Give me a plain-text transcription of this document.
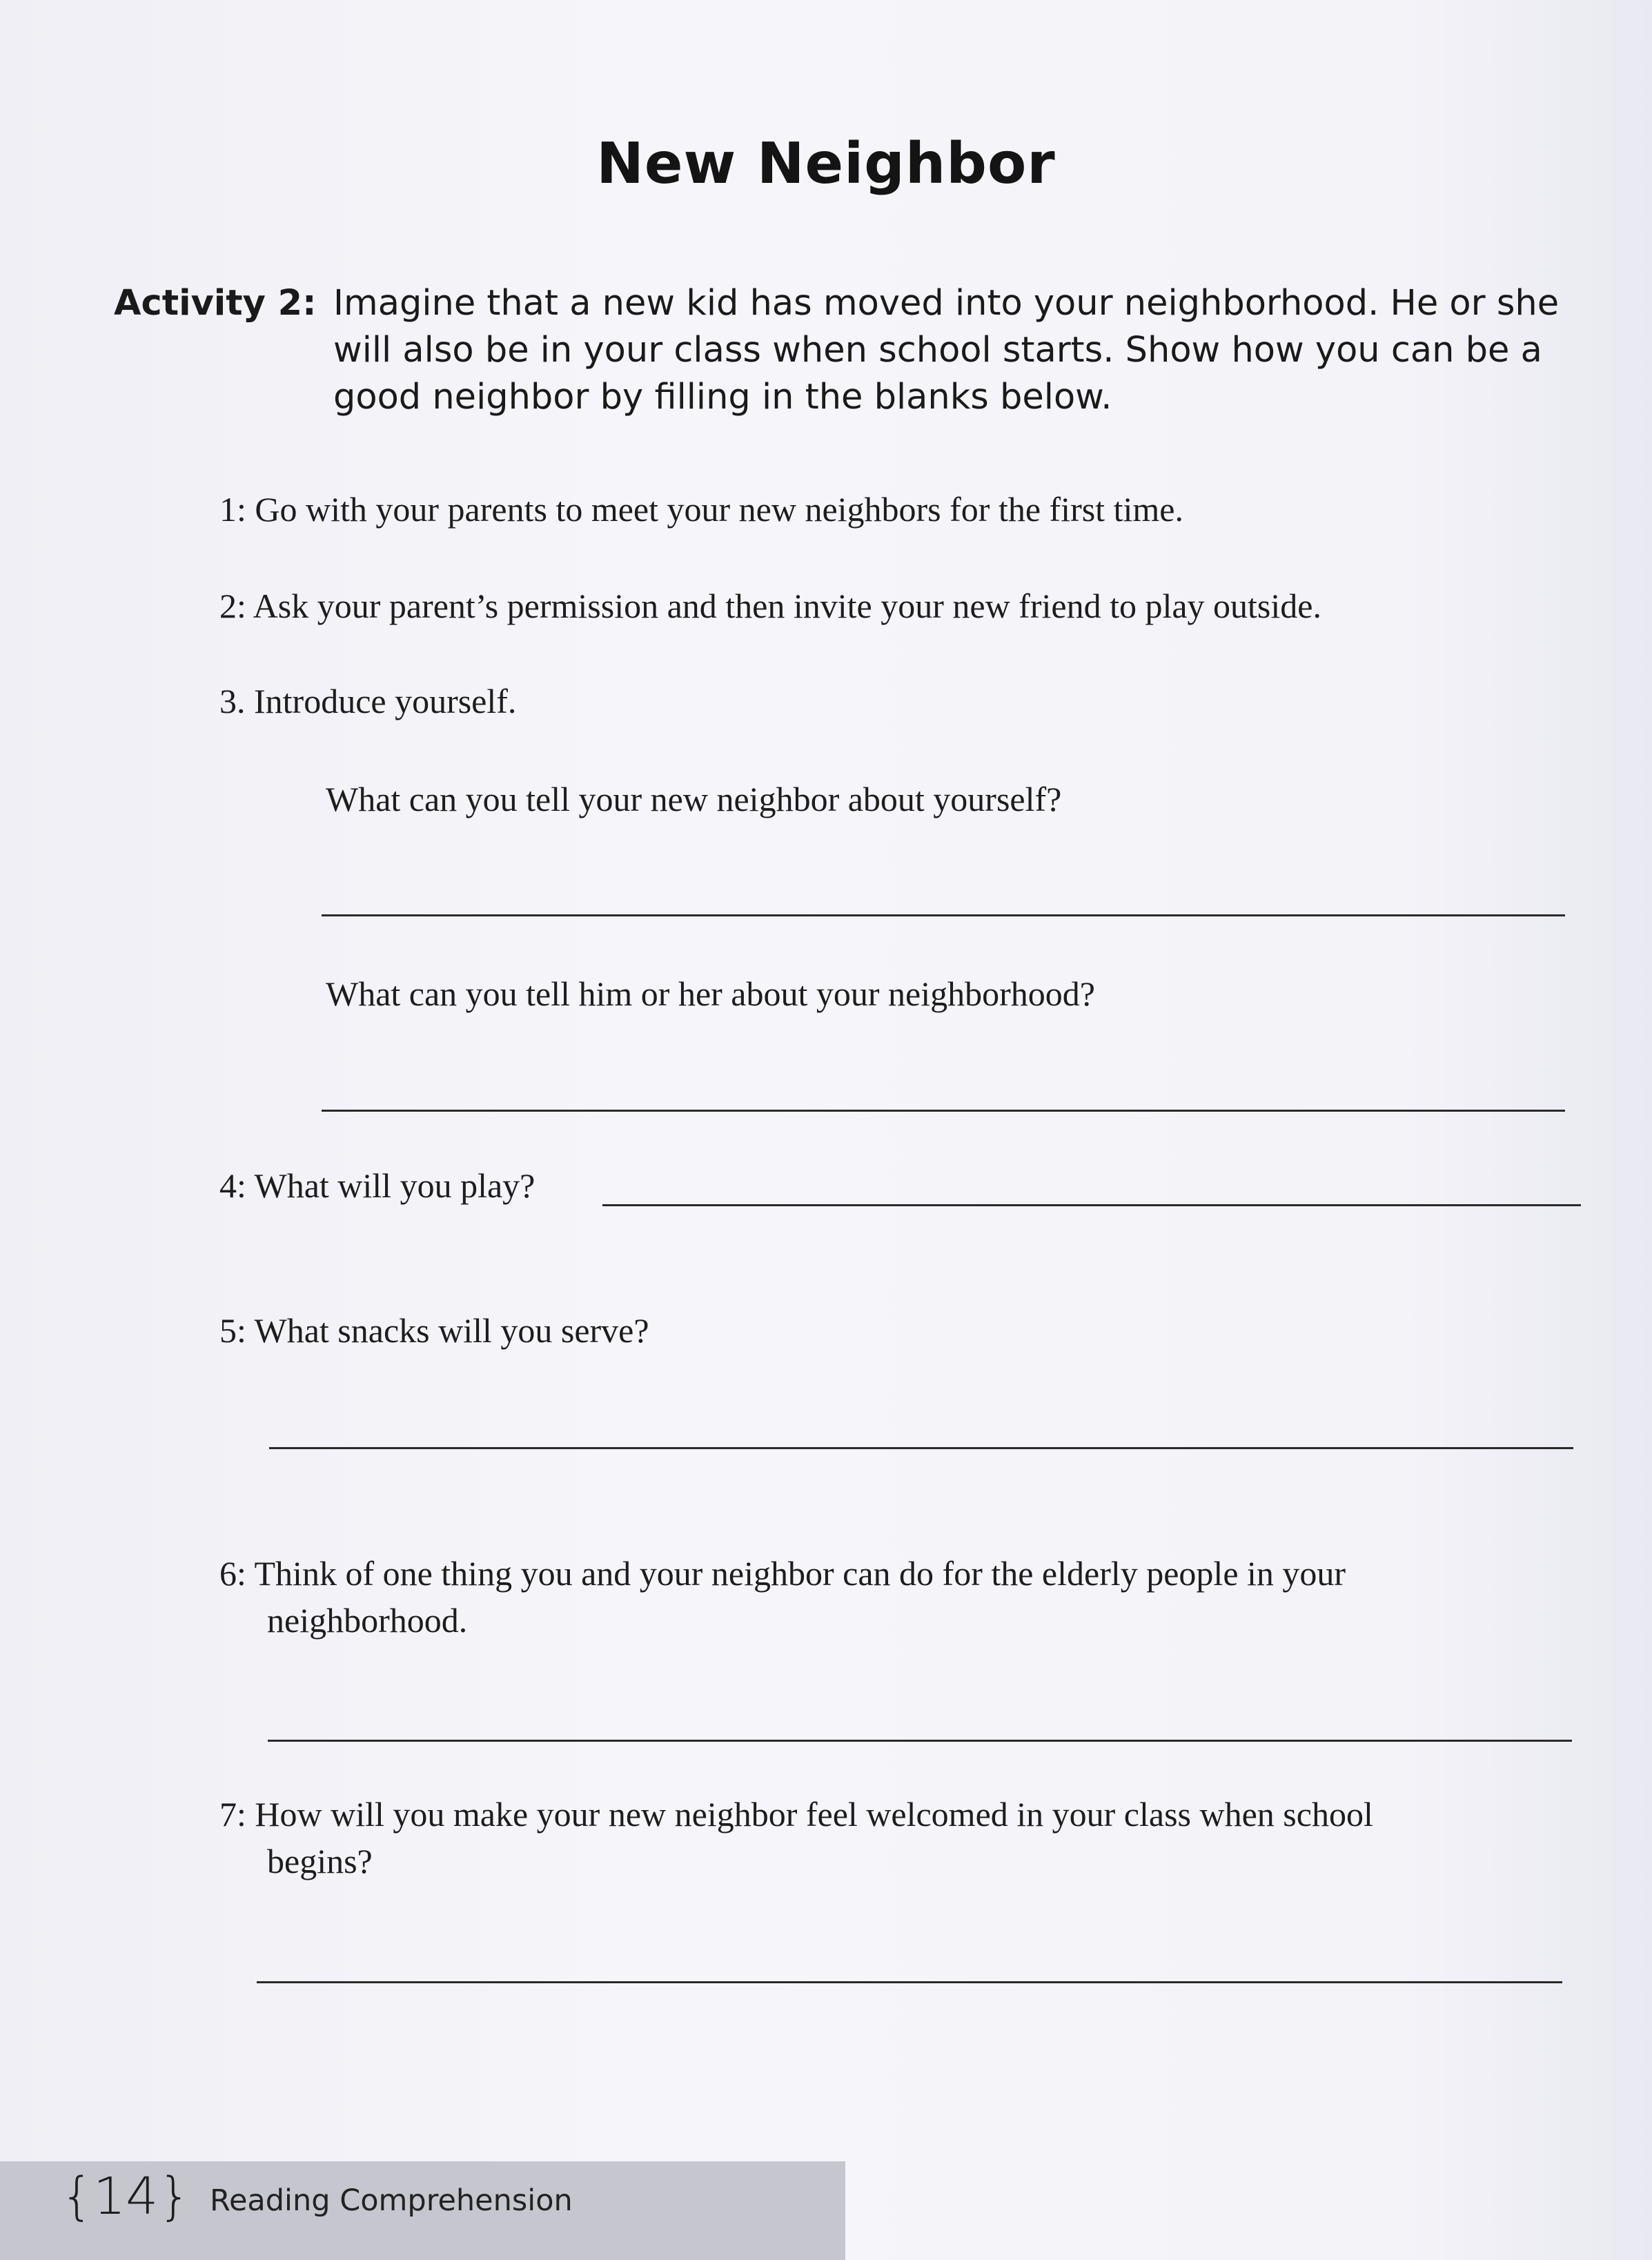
New Neighbor
Activity 2: Imagine that a new kid has moved into your neighborhood. He or she will also be in your class when school starts. Show how you can be a good neighbor by filling in the blanks below.
1: Go with your parents to meet your new neighbors for the first time.
2: Ask your parent’s permission and then invite your new friend to play outside.
3. Introduce yourself.
What can you tell your new neighbor about yourself?
What can you tell him or her about your neighborhood?
4: What will you play?
5: What snacks will you serve?
6: Think of one thing you and your neighbor can do for the elderly people in your
neighborhood.
7: How will you make your new neighbor feel welcomed in your class when school
begins?
{14} Reading Comprehension
